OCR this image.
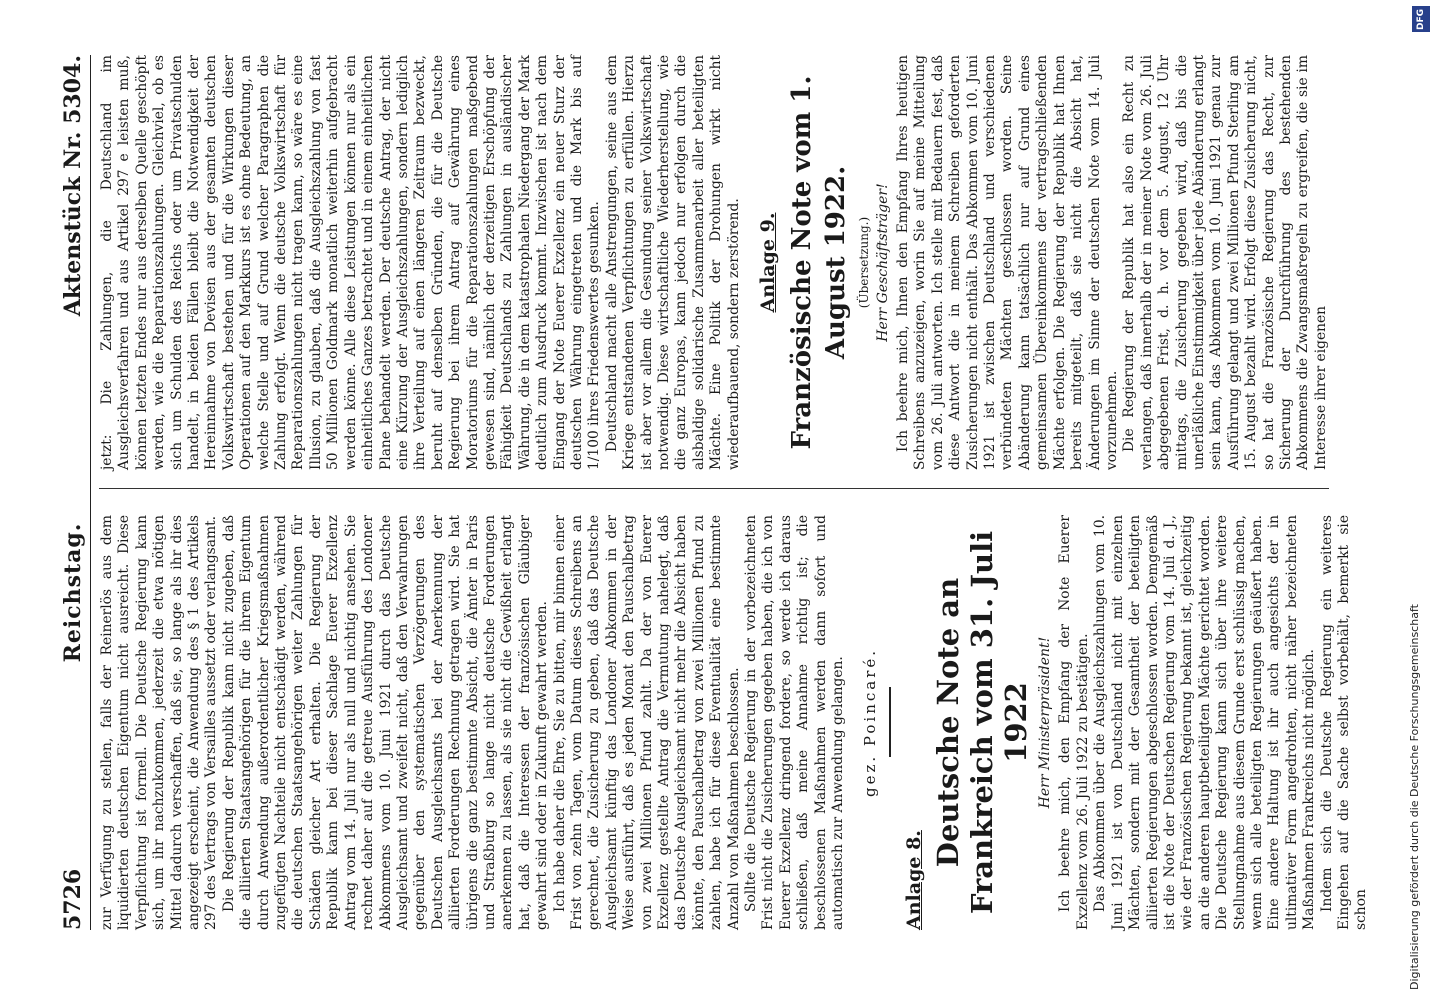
5726
Reichstag.
Aktenstück Nr. 5304.

zur Verfügung zu stellen, falls der Reinerlös aus dem liquidierten deutschen Eigentum nicht ausreicht. Diese Verpflichtung ist formell. Die Deutsche Regierung kann sich, um ihr nachzukommen, jederzeit die etwa nötigen Mittel dadurch verschaffen, daß sie, so lange als ihr dies angezeigt erscheint, die Anwendung des § 1 des Artikels 297 des Vertrags von Versailles aussetzt oder verlangsamt. Die Regierung der Republik kann nicht zugeben, daß die alliierten Staatsangehörigen für die ihrem Eigentum durch Anwendung außerordentlicher Kriegsmaßnahmen zugefügten Nachteile nicht entschädigt werden, während die deutschen Staatsangehörigen weiter Zahlungen für Schäden gleicher Art erhalten. Die Regierung der Republik kann bei dieser Sachlage Euerer Exzellenz Antrag vom 14. Juli nur als null und nichtig ansehen. Sie rechnet daher auf die getreue Ausführung des Londoner Abkommens vom 10. Juni 1921 durch das Deutsche Ausgleichsamt und zweifelt nicht, daß den Verwahrungen gegenüber den systematischen Verzögerungen des Deutschen Ausgleichsamts bei der Anerkennung der alliierten Forderungen Rechnung getragen wird. Sie hat übrigens die ganz bestimmte Absicht, die Ämter in Paris und Straßburg so lange nicht deutsche Forderungen anerkennen zu lassen, als sie nicht die Gewißheit erlangt hat, daß die Interessen der französischen Gläubiger gewahrt sind oder in Zukunft gewahrt werden. Ich habe daher die Ehre, Sie zu bitten, mir binnen einer Frist von zehn Tagen, vom Datum dieses Schreibens an gerechnet, die Zusicherung zu geben, daß das Deutsche Ausgleichsamt künftig das Londoner Abkommen in der Weise ausführt, daß es jeden Monat den Pauschalbetrag von zwei Millionen Pfund zahlt. Da der von Euerer Exzellenz gestellte Antrag die Vermutung nahelegt, daß das Deutsche Ausgleichsamt nicht mehr die Absicht haben könnte, den Pauschalbetrag von zwei Millionen Pfund zu zahlen, habe ich für diese Eventualität eine bestimmte Anzahl von Maßnahmen beschlossen. Sollte die Deutsche Regierung in der vorbezeichneten Frist nicht die Zusicherungen gegeben haben, die ich von Euerer Exzellenz dringend fordere, so werde ich daraus schließen, daß meine Annahme richtig ist; die beschlossenen Maßnahmen werden dann sofort und automatisch zur Anwendung gelangen. gez. Poincaré.
Anlage 8.
Deutsche Note an Frankreich vom 31. Juli 1922 Herr Ministerpräsident! Ich beehre mich, den Empfang der Note Euerer Exzellenz vom 26. Juli 1922 zu bestätigen. Das Abkommen über die Ausgleichszahlungen vom 10. Juni 1921 ist von Deutschland nicht mit einzelnen Mächten, sondern mit der Gesamtheit der beteiligten alliierten Regierungen abgeschlossen worden. Demgemäß ist die Note der Deutschen Regierung vom 14. Juli d. J., wie der Französischen Regierung bekannt ist, gleichzeitig an die anderen hauptbeteiligten Mächte gerichtet worden. Die Deutsche Regierung kann sich über ihre weitere Stellungnahme aus diesem Grunde erst schlüssig machen, wenn sich alle beteiligten Regierungen geäußert haben. Eine andere Haltung ist ihr auch angesichts der in ultimativer Form angedrohten, nicht näher bezeichneten Maßnahmen Frankreichs nicht möglich. Indem sich die Deutsche Regierung ein weiteres Eingehen auf die Sache selbst vorbehält, bemerkt sie schon

jetzt: Die Zahlungen, die Deutschland im Ausgleichsverfahren und aus Artikel 297 e leisten muß, können letzten Endes nur aus derselben Quelle geschöpft werden, wie die Reparationszahlungen. Gleichviel, ob es sich um Schulden des Reichs oder um Privatschulden handelt, in beiden Fällen bleibt die Notwendigkeit der Hereinnahme von Devisen aus der gesamten deutschen Volkswirtschaft bestehen und für die Wirkungen dieser Operationen auf den Markkurs ist es ohne Bedeutung, an welche Stelle und auf Grund welcher Paragraphen die Zahlung erfolgt. Wenn die deutsche Volkswirtschaft für Reparationszahlungen nicht tragen kann, so wäre es eine Illusion, zu glauben, daß die Ausgleichszahlung von fast 50 Millionen Goldmark monatlich weiterhin aufgebracht werden könne. Alle diese Leistungen können nur als ein einheitliches Ganzes betrachtet und in einem einheitlichen Plane behandelt werden. Der deutsche Antrag, der nicht eine Kürzung der Ausgleichszahlungen, sondern lediglich ihre Verteilung auf einen längeren Zeitraum bezweckt, beruht auf denselben Gründen, die für die Deutsche Regierung bei ihrem Antrag auf Gewährung eines Moratoriums für die Reparationszahlungen maßgebend gewesen sind, nämlich der derzeitigen Erschöpfung der Fähigkeit Deutschlands zu Zahlungen in ausländischer Währung, die in dem katastrophalen Niedergang der Mark deutlich zum Ausdruck kommt. Inzwischen ist nach dem Eingang der Note Euerer Exzellenz ein neuer Sturz der deutschen Währung eingetreten und die Mark bis auf 1/100 ihres Friedenswertes gesunken. Deutschland macht alle Anstrengungen, seine aus dem Kriege entstandenen Verpflichtungen zu erfüllen. Hierzu ist aber vor allem die Gesundung seiner Volkswirtschaft notwendig. Diese wirtschaftliche Wiederherstellung, wie die ganz Europas, kann jedoch nur erfolgen durch die alsbaldige solidarische Zusammenarbeit aller beteiligten Mächte. Eine Politik der Drohungen wirkt nicht wiederaufbauend, sondern zerstörend. Anlage 9. Französische Note vom 1. August 1922. (Übersetzung.) Herr Geschäftsträger! Ich beehre mich, Ihnen den Empfang Ihres heutigen Schreibens anzuzeigen, worin Sie auf meine Mitteilung vom 26. Juli antworten. Ich stelle mit Bedauern fest, daß diese Antwort die in meinem Schreiben geforderten Zusicherungen nicht enthält. Das Abkommen vom 10. Juni 1921 ist zwischen Deutschland und verschiedenen verbündeten Mächten geschlossen worden. Seine Abänderung kann tatsächlich nur auf Grund eines gemeinsamen Übereinkommens der vertragschließenden Mächte erfolgen. Die Regierung der Republik hat Ihnen bereits mitgeteilt, daß sie nicht die Absicht hat, Änderungen im Sinne der deutschen Note vom 14. Juli vorzunehmen. Die Regierung der Republik hat also ein Recht zu verlangen, daß innerhalb der in meiner Note vom 26. Juli abgegebenen Frist, d. h. vor dem 5. August, 12 Uhr mittags, die Zusicherung gegeben wird, daß bis die unerläßliche Einstimmigkeit über jede Abänderung erlangt sein kann, das Abkommen vom 10. Juni 1921 genau zur Ausführung gelangt und zwei Millionen Pfund Sterling am 15. August bezahlt wird. Erfolgt diese Zusicherung nicht, so hat die Französische Regierung das Recht, zur Sicherung der Durchführung des bestehenden Abkommens die Zwangsmaßregeln zu ergreifen, die sie im Interesse ihrer eigenen

DFG
Digitalisierung gefördert durch die Deutsche Forschungsgemeinschaft
